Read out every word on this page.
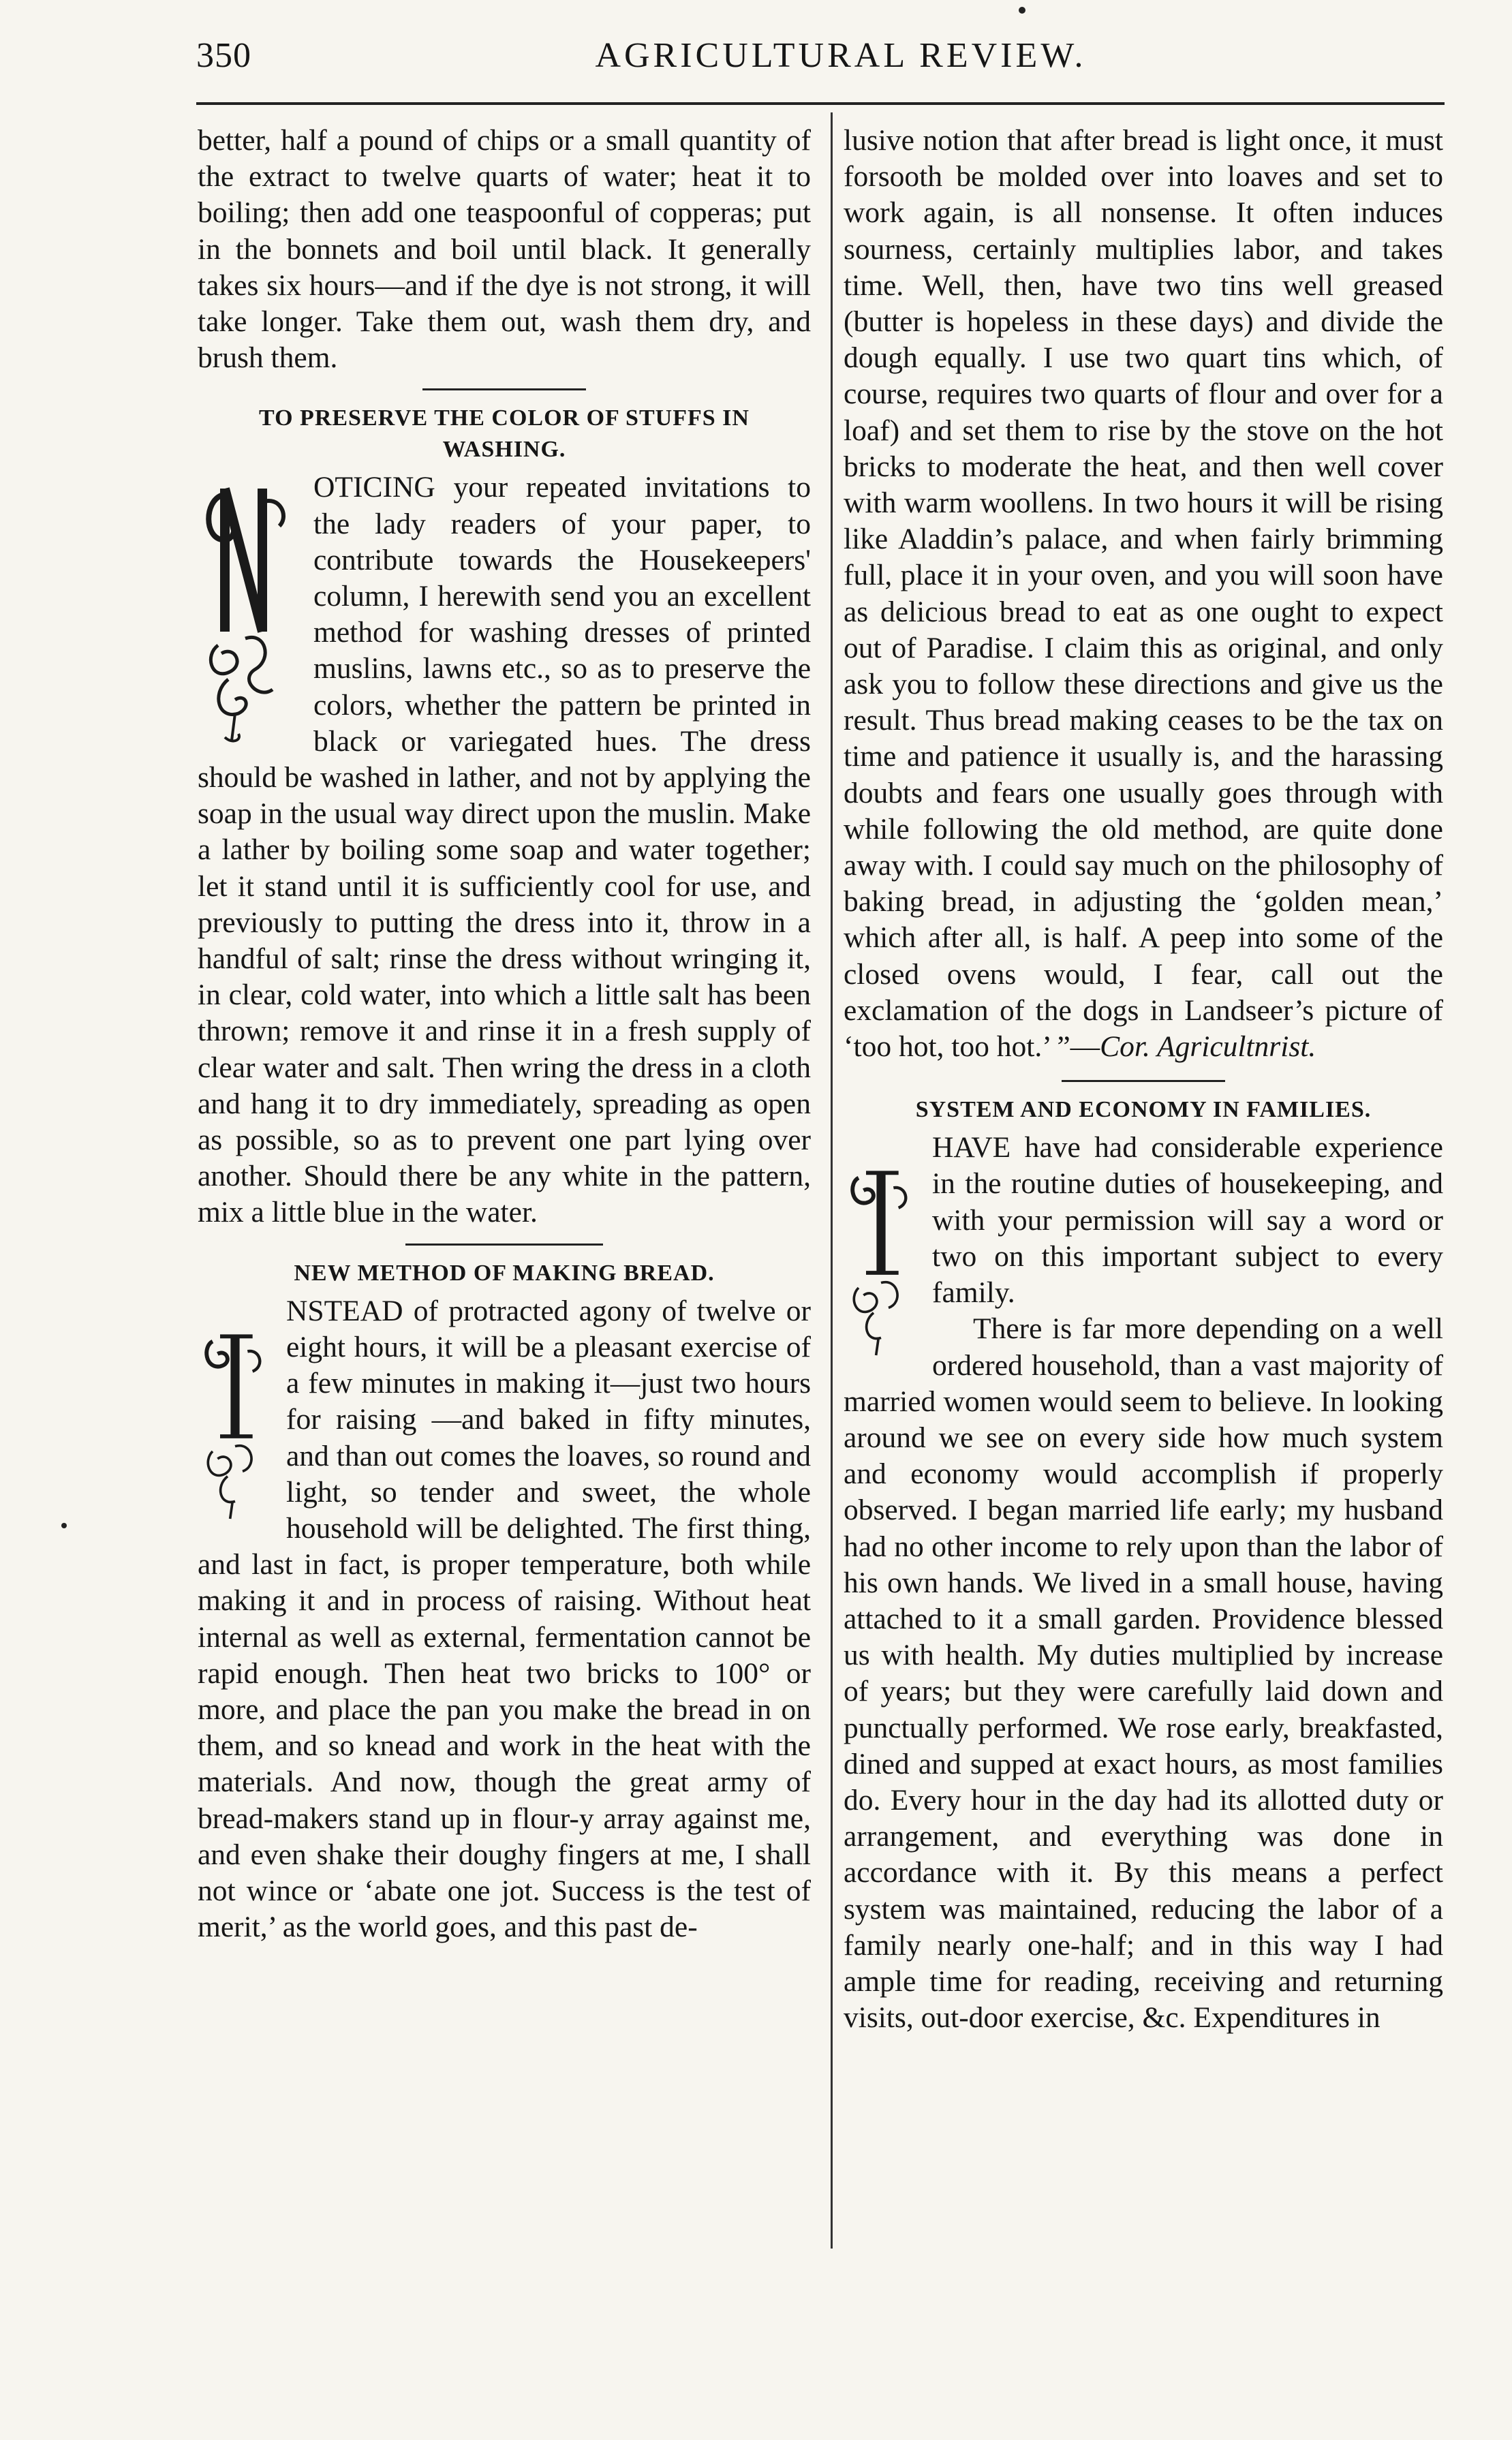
350	AGRICULTURAL REVIEW.

better, half a pound of chips or a small quantity of the extract to twelve quarts of water; heat it to boiling; then add one teaspoonful of copperas; put in the bonnets and boil until black. It generally takes six hours—and if the dye is not strong, it will take longer. Take them out, wash them dry, and brush them.

TO PRESERVE THE COLOR OF STUFFS IN WASHING.

OTICING your repeated invitations to the lady readers of your paper, to contribute towards the Housekeepers' column, I herewith send you an excellent method for washing dresses of printed muslins, lawns etc., so as to preserve the colors, whether the pattern be printed in black or variegated hues. The dress should be washed in lather, and not by applying the soap in the usual way direct upon the muslin. Make a lather by boiling some soap and water together; let it stand until it is sufficiently cool for use, and previously to putting the dress into it, throw in a handful of salt; rinse the dress without wringing it, in clear, cold water, into which a little salt has been thrown; remove it and rinse it in a fresh supply of clear water and salt. Then wring the dress in a cloth and hang it to dry immediately, spreading as open as possible, so as to prevent one part lying over another. Should there be any white in the pattern, mix a little blue in the water.

NEW METHOD OF MAKING BREAD.

NSTEAD of protracted agony of twelve or eight hours, it will be a pleasant exercise of a few minutes in making it—just two hours for raising —and baked in fifty minutes, and than out comes the loaves, so round and light, so tender and sweet, the whole household will be delighted. The first thing, and last in fact, is proper temperature, both while making it and in process of raising. Without heat internal as well as external, fermentation cannot be rapid enough. Then heat two bricks to 100° or more, and place the pan you make the bread in on them, and so knead and work in the heat with the materials. And now, though the great army of bread-makers stand up in flour-y array against me, and even shake their doughy fingers at me, I shall not wince or ‘abate one jot. Success is the test of merit,’ as the world goes, and this past de-

lusive notion that after bread is light once, it must forsooth be molded over into loaves and set to work again, is all nonsense. It often induces sourness, certainly multiplies labor, and takes time. Well, then, have two tins well greased (butter is hopeless in these days) and divide the dough equally. I use two quart tins which, of course, requires two quarts of flour and over for a loaf) and set them to rise by the stove on the hot bricks to moderate the heat, and then well cover with warm woollens. In two hours it will be rising like Aladdin’s palace, and when fairly brimming full, place it in your oven, and you will soon have as delicious bread to eat as one ought to expect out of Paradise. I claim this as original, and only ask you to follow these directions and give us the result. Thus bread making ceases to be the tax on time and patience it usually is, and the harassing doubts and fears one usually goes through with while following the old method, are quite done away with. I could say much on the philosophy of baking bread, in adjusting the ‘golden mean,’ which after all, is half. A peep into some of the closed ovens would, I fear, call out the exclamation of the dogs in Landseer’s picture of ‘too hot, too hot.’ ”—Cor. Agricultnrist.

SYSTEM AND ECONOMY IN FAMILIES.

HAVE have had considerable experience in the routine duties of housekeeping, and with your permission will say a word or two on this important subject to every family.

There is far more depending on a well ordered household, than a vast majority of married women would seem to believe. In looking around we see on every side how much system and economy would accomplish if properly observed. I began married life early; my husband had no other income to rely upon than the labor of his own hands. We lived in a small house, having attached to it a small garden. Providence blessed us with health. My duties multiplied by increase of years; but they were carefully laid down and punctually performed. We rose early, breakfasted, dined and supped at exact hours, as most families do. Every hour in the day had its allotted duty or arrangement, and everything was done in accordance with it. By this means a perfect system was maintained, reducing the labor of a family nearly one-half; and in this way I had ample time for reading, receiving and returning visits, out-door exercise, &c. Expenditures in
